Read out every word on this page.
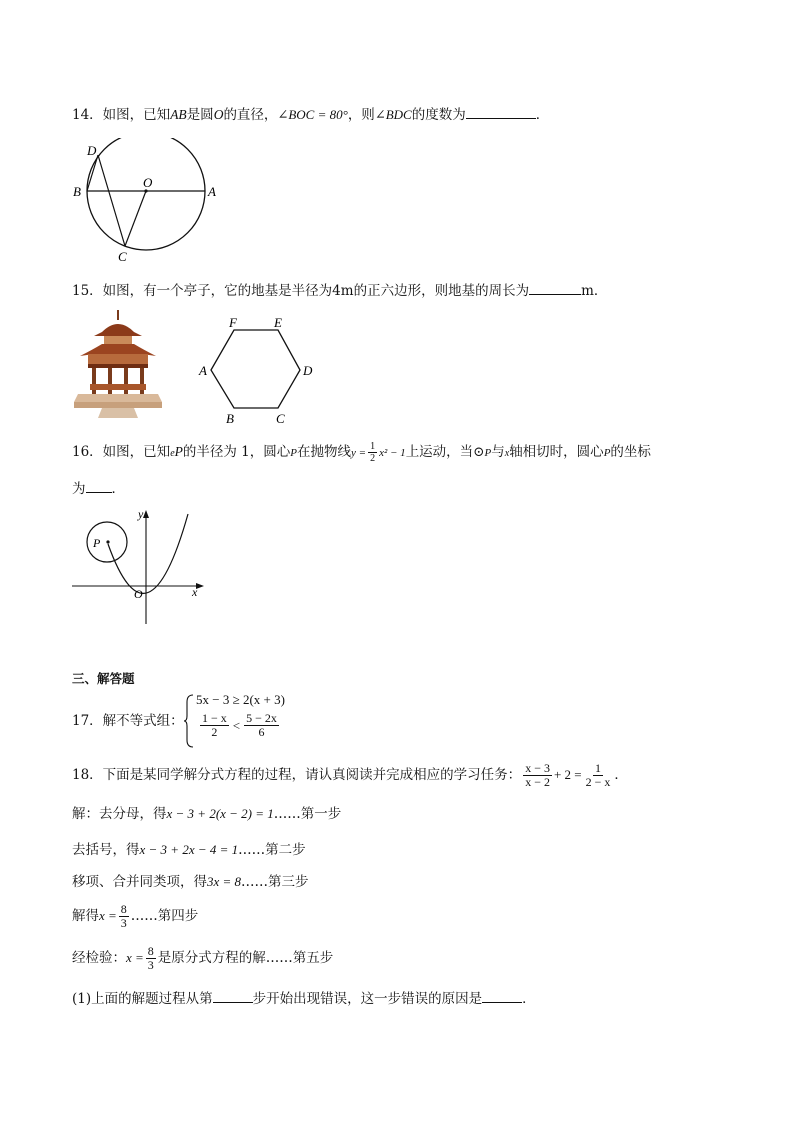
14．如图，已知AB是圆O的直径，∠BOC = 80°，则∠BDC的度数为	．
D
B
O
A
C
15．如图，有一个亭子，它的地基是半径为4m的正六边形，则地基的周长为	m．
F	E
A	D
B	C
16．如图，已知eP的半径为 1，圆心P在抛物线$y = \frac{1}{2} x^2 - 1$上运动，当⊙P与x轴相切时，圆心P的坐标
为 ．
y
P
O	x
三、解答题
17．解不等式组：
5x − 3 ≥ 2(x + 3)
$\frac{1 - x}{2} < \frac{5 - 2x}{6}$
18．下面是某同学解分式方程的过程，请认真阅读并完成相应的学习任务： $\frac{x - 3}{x - 2} + 2 = \frac{1}{2 - x}$ ．
解：去分母，得x − 3 + 2(x − 2) = 1……第一步
去括号，得x − 3 + 2x − 4 = 1……第二步
移项、合并同类项，得3x = 8……第三步
解得$x = \frac{8}{3}$ ……第四步
经检验：$x = \frac{8}{3}$ 是原分式方程的解……第五步
(1)上面的解题过程从第	步开始出现错误，这一步错误的原因是	．
